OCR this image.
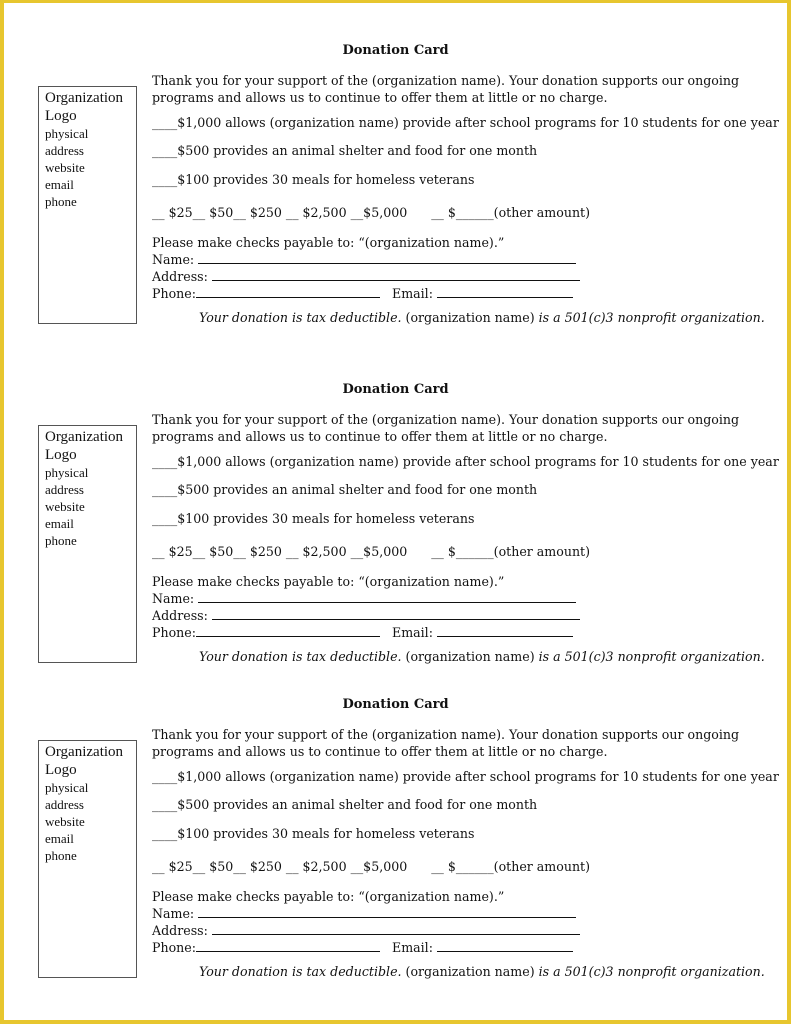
Donation Card
Organization
Logo
physical
address
website
email
phone
Thank you for your support of the (organization name). Your donation supports our ongoing
programs and allows us to continue to offer them at little or no charge.
____$1,000 allows (organization name) provide after school programs for 10 students for one year
____$500 provides an animal shelter and food for one month
____$100 provides 30 meals for homeless veterans
__ $25__ $50__ $250 __ $2,500 __$5,000      __ $______(other amount)
Please make checks payable to: “(organization name).”
Name:
Address:
Phone:	Email:
Your donation is tax deductible. (organization name) is a 501(c)3 nonprofit organization.
Donation Card
Organization
Logo
physical
address
website
email
phone
Thank you for your support of the (organization name). Your donation supports our ongoing
programs and allows us to continue to offer them at little or no charge.
____$1,000 allows (organization name) provide after school programs for 10 students for one year
____$500 provides an animal shelter and food for one month
____$100 provides 30 meals for homeless veterans
__ $25__ $50__ $250 __ $2,500 __$5,000      __ $______(other amount)
Please make checks payable to: “(organization name).”
Name:
Address:
Phone:	Email:
Your donation is tax deductible. (organization name) is a 501(c)3 nonprofit organization.
Donation Card
Organization
Logo
physical
address
website
email
phone
Thank you for your support of the (organization name). Your donation supports our ongoing
programs and allows us to continue to offer them at little or no charge.
____$1,000 allows (organization name) provide after school programs for 10 students for one year
____$500 provides an animal shelter and food for one month
____$100 provides 30 meals for homeless veterans
__ $25__ $50__ $250 __ $2,500 __$5,000      __ $______(other amount)
Please make checks payable to: “(organization name).”
Name:
Address:
Phone:	Email:
Your donation is tax deductible. (organization name) is a 501(c)3 nonprofit organization.
